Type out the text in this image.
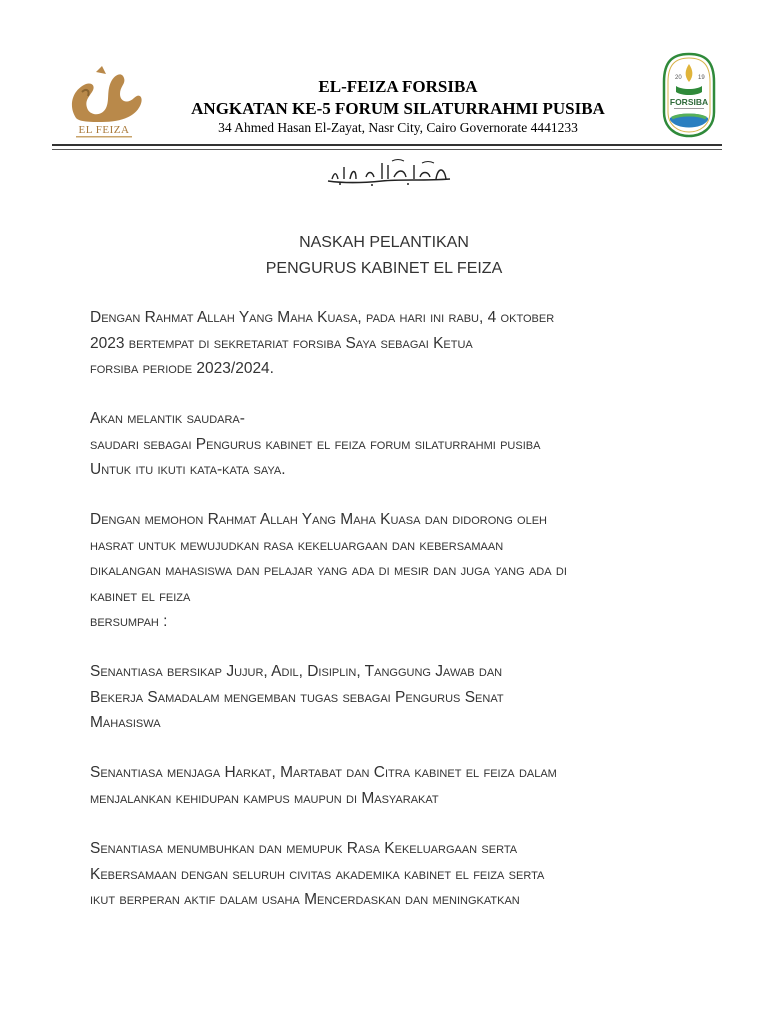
EL FEIZA
20	19
FORSIBA
EL-FEIZA FORSIBA
ANGKATAN KE-5 FORUM SILATURRAHMI PUSIBA
34 Ahmed Hasan El-Zayat, Nasr City, Cairo Governorate 4441233
NASKAH PELANTIKAN
PENGURUS KABINET EL FEIZA
Dengan Rahmat Allah Yang Maha Kuasa, pada hari ini rabu, 4 oktober
2023 bertempat di sekretariat forsiba Saya sebagai Ketua
forsiba periode 2023/2024.
Akan melantik saudara-
saudari sebagai Pengurus kabinet el feiza forum silaturrahmi pusiba
Untuk itu ikuti kata-kata saya.
Dengan memohon Rahmat Allah Yang Maha Kuasa dan didorong oleh
hasrat untuk mewujudkan rasa kekeluargaan dan kebersamaan
dikalangan mahasiswa dan pelajar yang ada di mesir dan juga yang ada di
kabinet el feiza
bersumpah :
Senantiasa bersikap Jujur, Adil, Disiplin, Tanggung Jawab dan
Bekerja Samadalam mengemban tugas sebagai Pengurus Senat
Mahasiswa
Senantiasa menjaga Harkat, Martabat dan Citra kabinet el feiza dalam
menjalankan kehidupan kampus maupun di Masyarakat
Senantiasa menumbuhkan dan memupuk Rasa Kekeluargaan serta
Kebersamaan dengan seluruh civitas akademika kabinet el feiza serta
ikut berperan aktif dalam usaha Mencerdaskan dan meningkatkan
